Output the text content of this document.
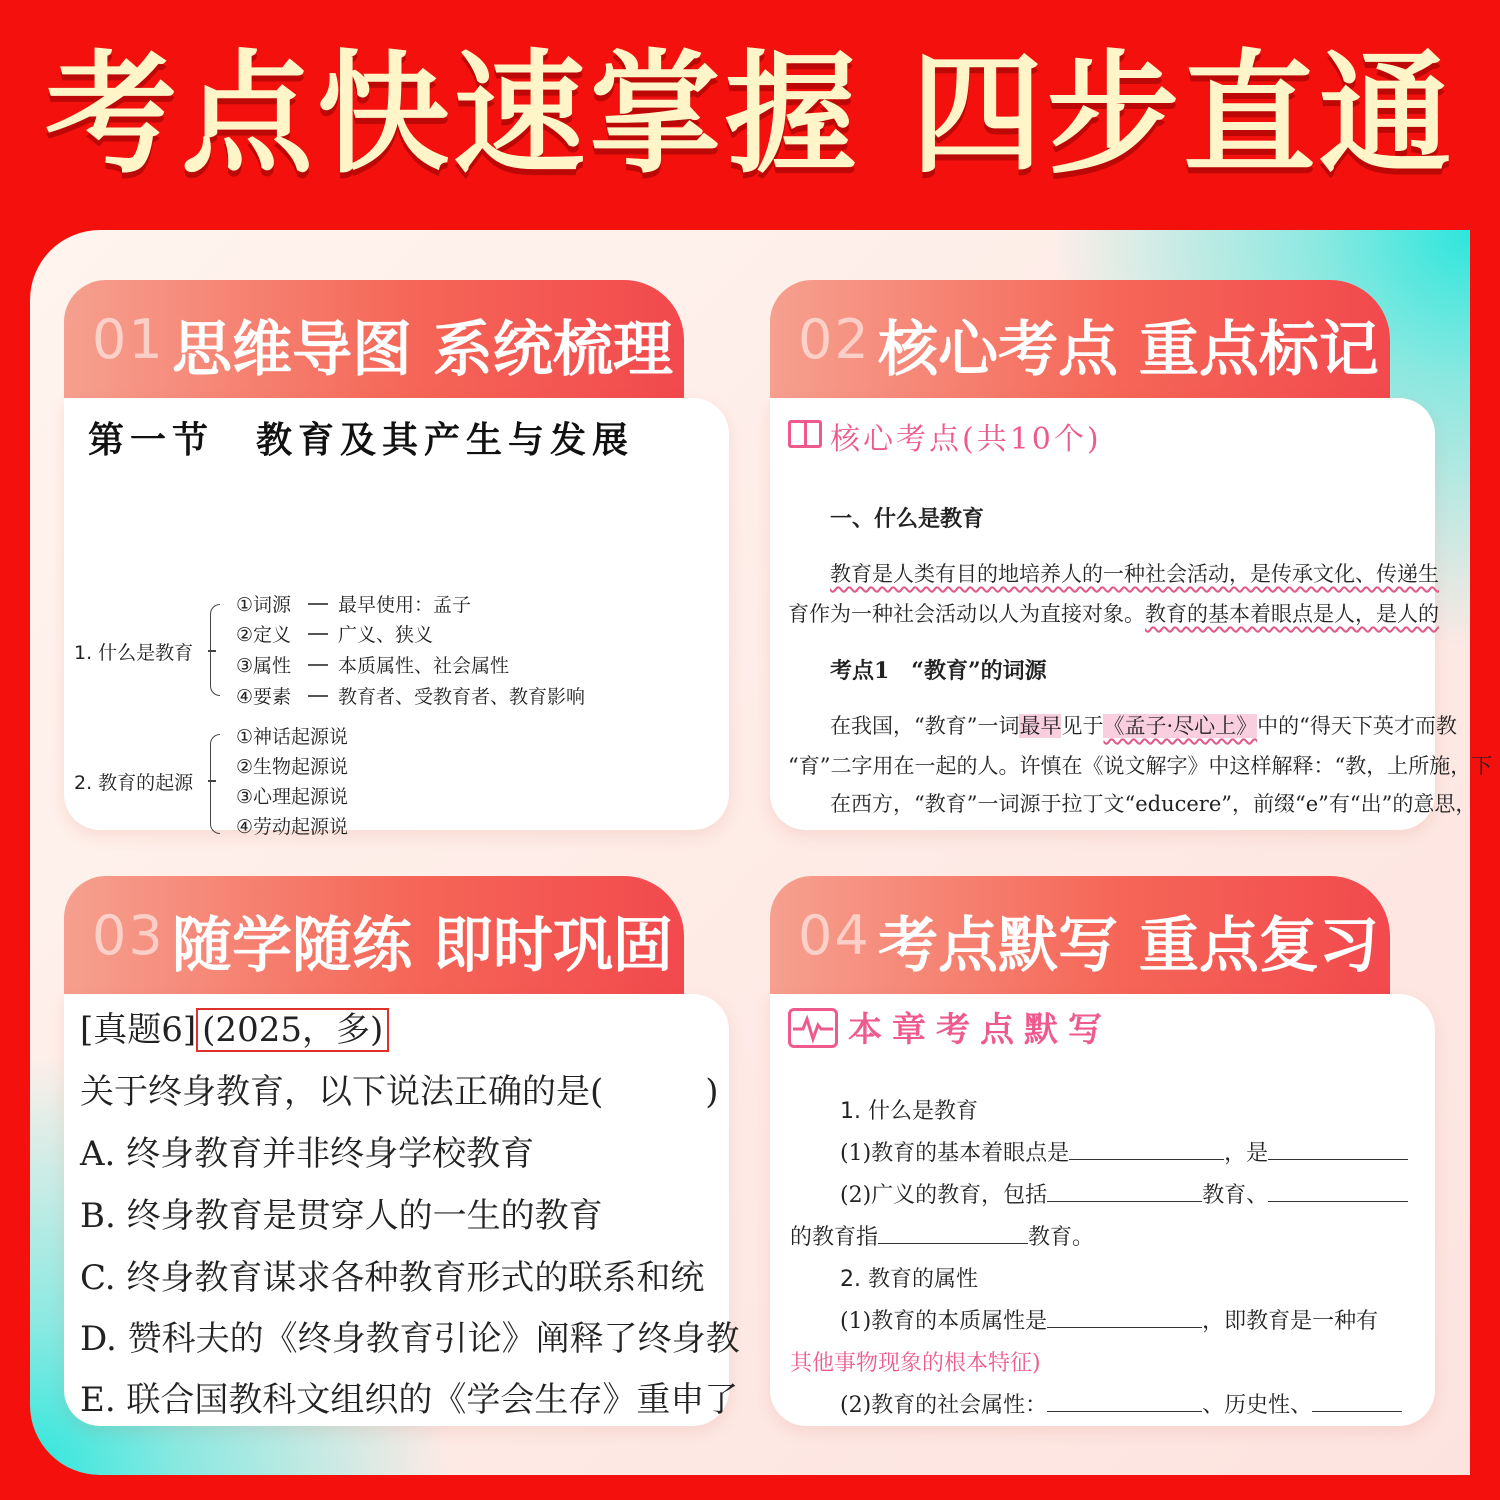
考点快速掌握 四步直通
01 思维导图 系统梳理
第一节　教育及其产生与发展
1. 什么是教育
①词源 最早使用：孟子
②定义 广义、狭义
③属性 本质属性、社会属性
④要素 教育者、受教育者、教育影响
2. 教育的起源
①神话起源说
②生物起源说
③心理起源说
④劳动起源说
02 核心考点 重点标记
核心考点(共10个)
一、什么是教育
教育是人类有目的地培养人的一种社会活动，是传承文化、传递生
育作为一种社会活动以人为直接对象。教育的基本着眼点是人，是人的
考点1　“教育”的词源
在我国，“教育”一词最早见于《孟子·尽心上》中的“得天下英才而教
“育”二字用在一起的人。许慎在《说文解字》中这样解释：“教，上所施，下
在西方，“教育”一词源于拉丁文“educere”，前缀“e”有“出”的意思，
03 随学随练 即时巩固
[真题6] (2025，多)
关于终身教育，以下说法正确的是(　　　)
A. 终身教育并非终身学校教育
B. 终身教育是贯穿人的一生的教育
C. 终身教育谋求各种教育形式的联系和统
D. 赞科夫的《终身教育引论》阐释了终身教
E. 联合国教科文组织的《学会生存》重申了
04 考点默写 重点复习
本章考点默写
1. 什么是教育
(1)教育的基本着眼点是	，是
(2)广义的教育，包括	教育、
的教育指	教育。
2. 教育的属性
(1)教育的本质属性是	，即教育是一种有
其他事物现象的根本特征)
(2)教育的社会属性：	、历史性、
